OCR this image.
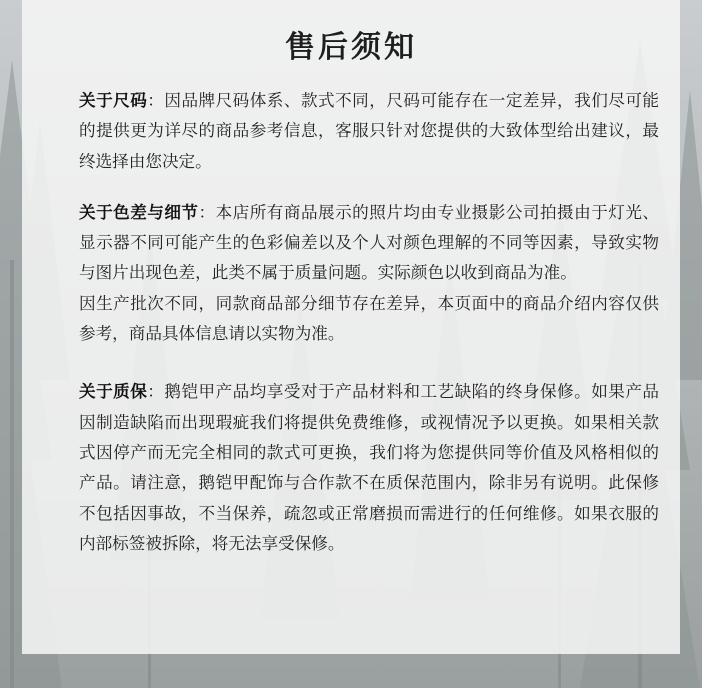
售后须知

关于尺码：因品牌尺码体系、款式不同，尺码可能存在一定差异，我们尽可能的提供更为详尽的商品参考信息，客服只针对您提供的大致体型给出建议，最终选择由您决定。

关于色差与细节：本店所有商品展示的照片均由专业摄影公司拍摄由于灯光、显示器不同可能产生的色彩偏差以及个人对颜色理解的不同等因素，导致实物与图片出现色差，此类不属于质量问题。实际颜色以收到商品为准。

因生产批次不同，同款商品部分细节存在差异，本页面中的商品介绍内容仅供参考，商品具体信息请以实物为准。

关于质保：鹅铠甲产品均享受对于产品材料和工艺缺陷的终身保修。如果产品因制造缺陷而出现瑕疵我们将提供免费维修，或视情况予以更换。如果相关款式因停产而无完全相同的款式可更换，我们将为您提供同等价值及风格相似的产品。请注意，鹅铠甲配饰与合作款不在质保范围内，除非另有说明。此保修不包括因事故，不当保养，疏忽或正常磨损而需进行的任何维修。如果衣服的内部标签被拆除，将无法享受保修。
